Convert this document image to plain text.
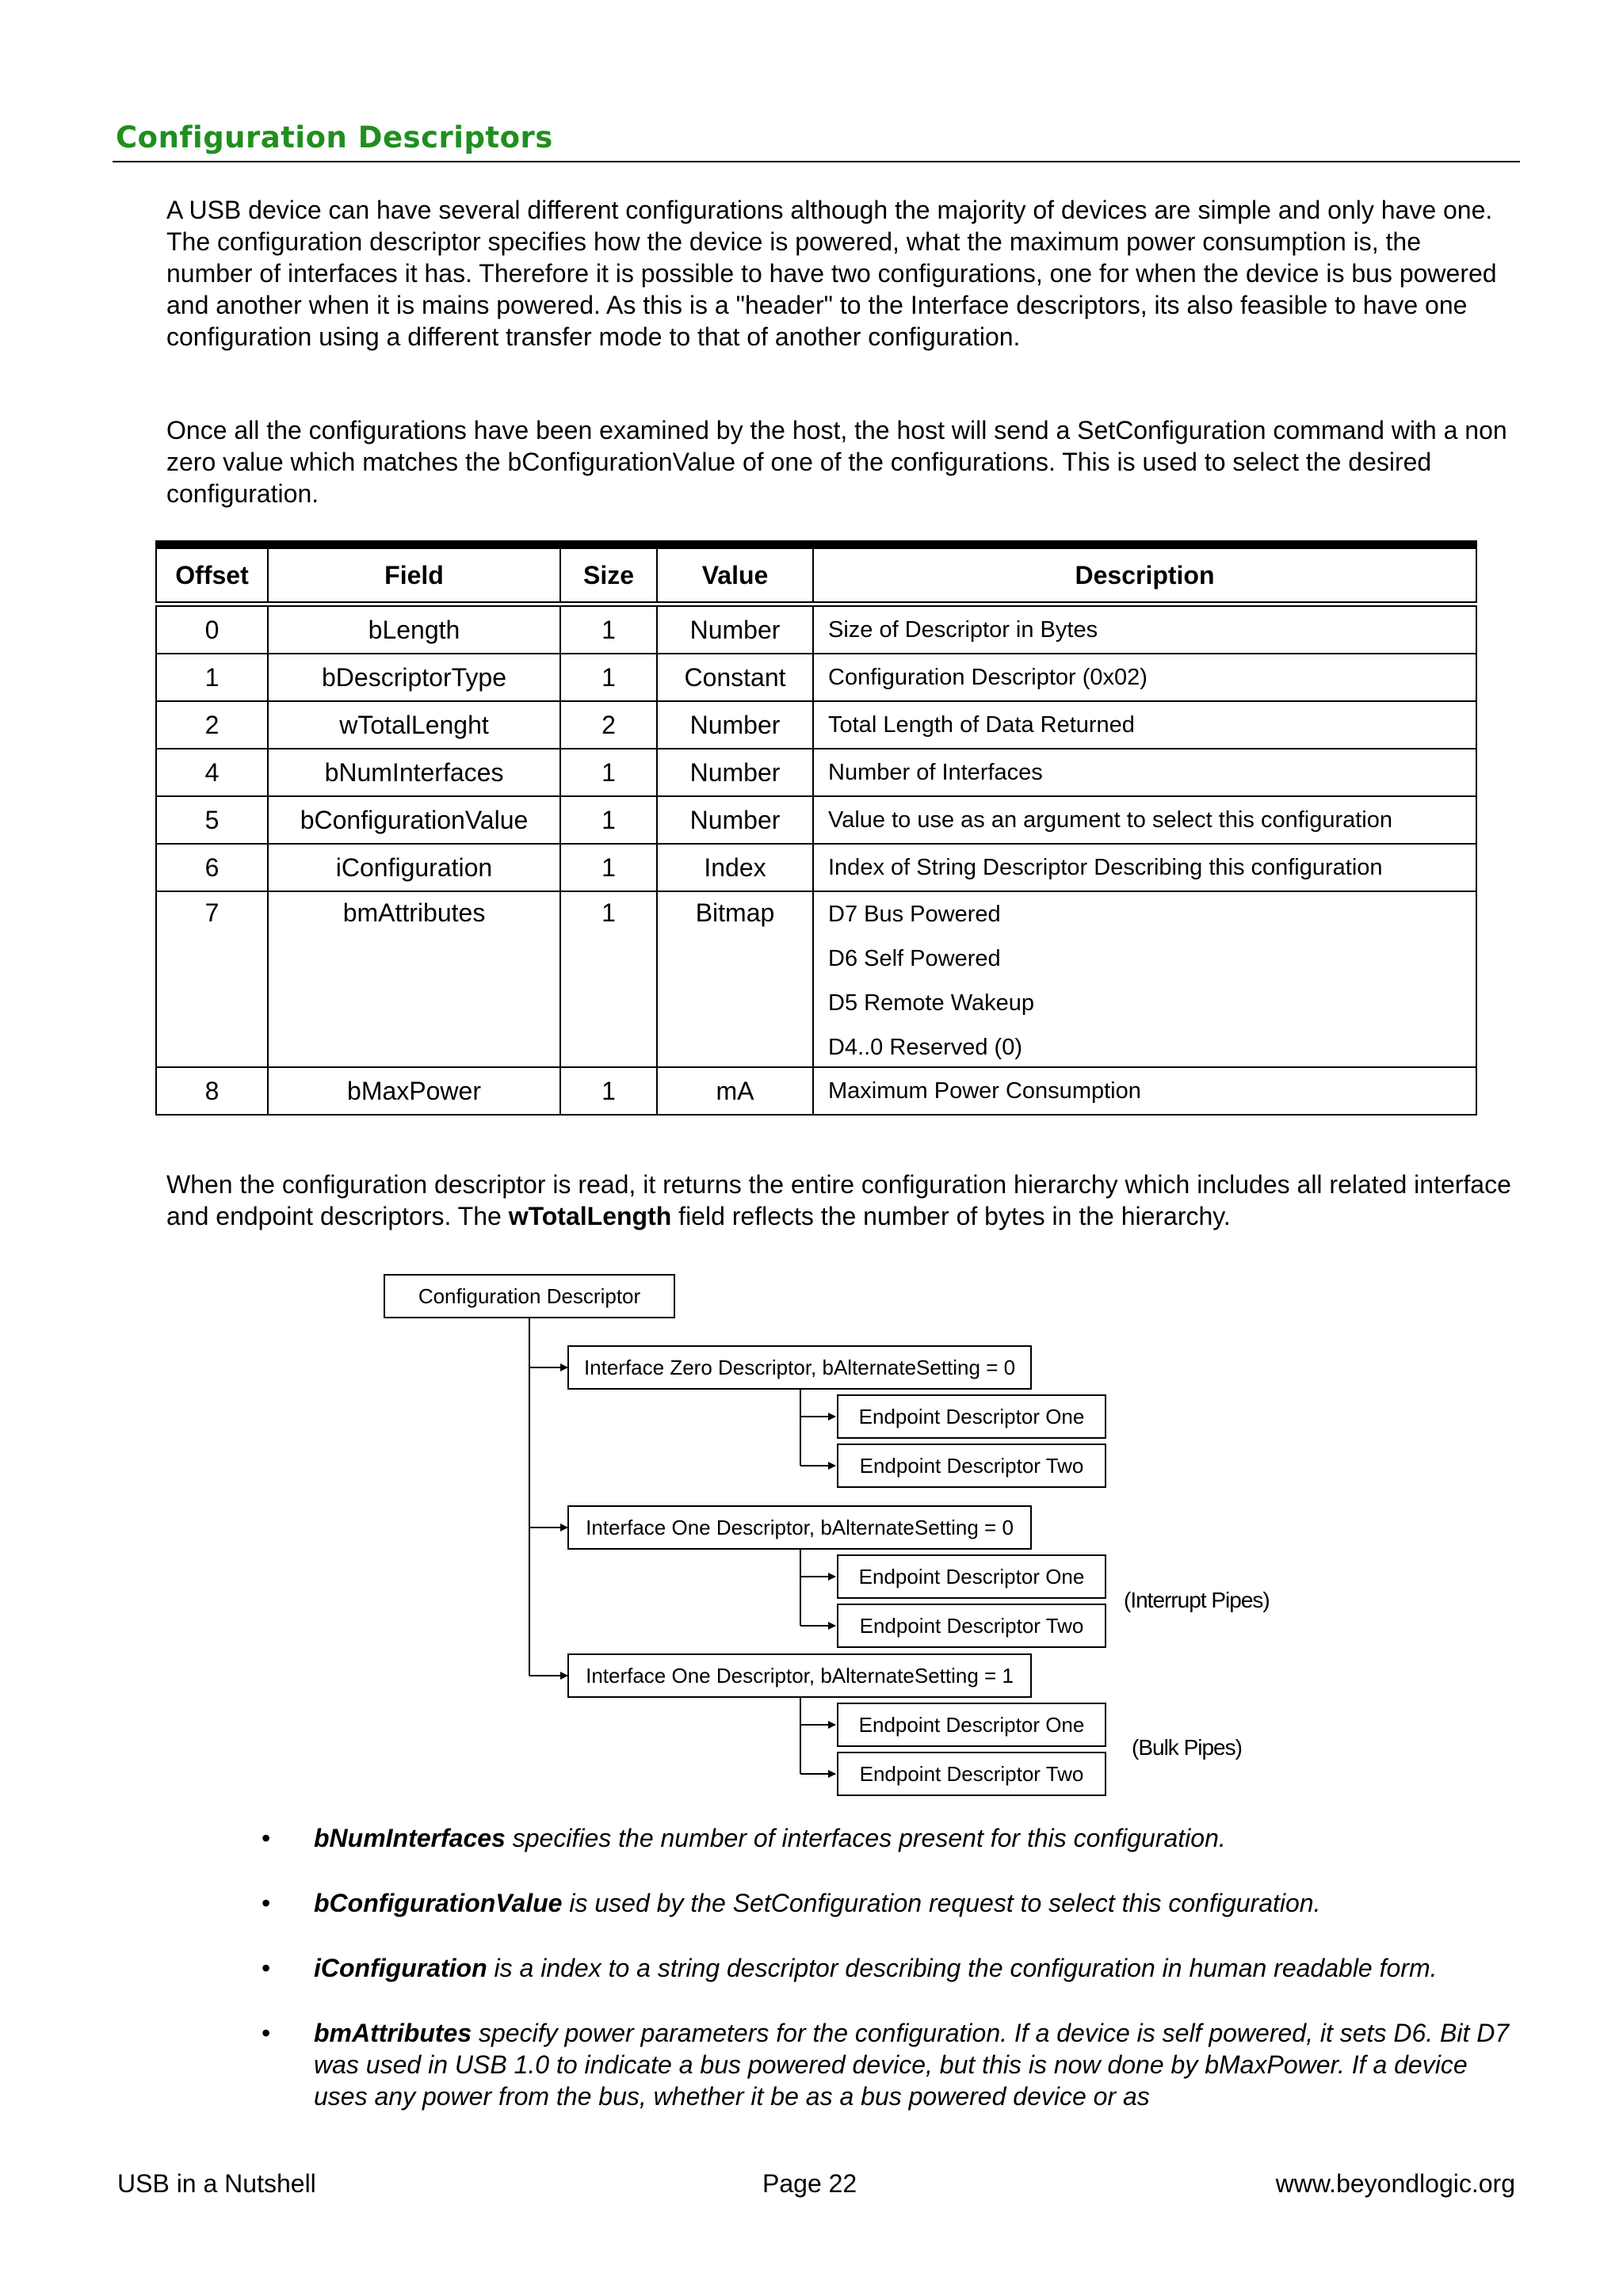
Configuration Descriptors

A USB device can have several different configurations although the majority of devices are simple and only have one. The configuration descriptor specifies how the device is powered, what the maximum power consumption is, the number of interfaces it has. Therefore it is possible to have two configurations, one for when the device is bus powered and another when it is mains powered. As this is a "header" to the Interface descriptors, its also feasible to have one configuration using a different transfer mode to that of another configuration.

Once all the configurations have been examined by the host, the host will send a SetConfiguration command with a non zero value which matches the bConfigurationValue of one of the configurations. This is used to select the desired configuration.

Offset	Field	Size	Value	Description
0	bLength	1	Number	Size of Descriptor in Bytes
1	bDescriptorType	1	Constant	Configuration Descriptor (0x02)
2	wTotalLenght	2	Number	Total Length of Data Returned
4	bNumInterfaces	1	Number	Number of Interfaces
5	bConfigurationValue	1	Number	Value to use as an argument to select this configuration
6	iConfiguration	1	Index	Index of String Descriptor Describing this configuration
7	bmAttributes	1	Bitmap	D7 Bus Powered
D6 Self Powered
D5 Remote Wakeup
D4..0 Reserved (0)

8	bMaxPower	1	mA	Maximum Power Consumption

When the configuration descriptor is read, it returns the entire configuration hierarchy which includes all related interface and endpoint descriptors. The wTotalLength field reflects the number of bytes in the hierarchy.

Configuration Descriptor
Interface Zero Descriptor, bAlternateSetting = 0
Endpoint Descriptor One
Endpoint Descriptor Two
Interface One Descriptor, bAlternateSetting = 0
Endpoint Descriptor One
Endpoint Descriptor Two
(Interrupt Pipes)
Interface One Descriptor, bAlternateSetting = 1
Endpoint Descriptor One
Endpoint Descriptor Two
(Bulk Pipes)
• bNumInterfaces specifies the number of interfaces present for this configuration.
• bConfigurationValue is used by the SetConfiguration request to select this configuration.
• iConfiguration is a index to a string descriptor describing the configuration in human readable form.
• bmAttributes specify power parameters for the configuration. If a device is self powered, it sets D6. Bit D7 was used in USB 1.0 to indicate a bus powered device, but this is now done by bMaxPower. If a device uses any power from the bus, whether it be as a bus powered device or as
USB in a Nutshell	Page 22	www.beyondlogic.org
